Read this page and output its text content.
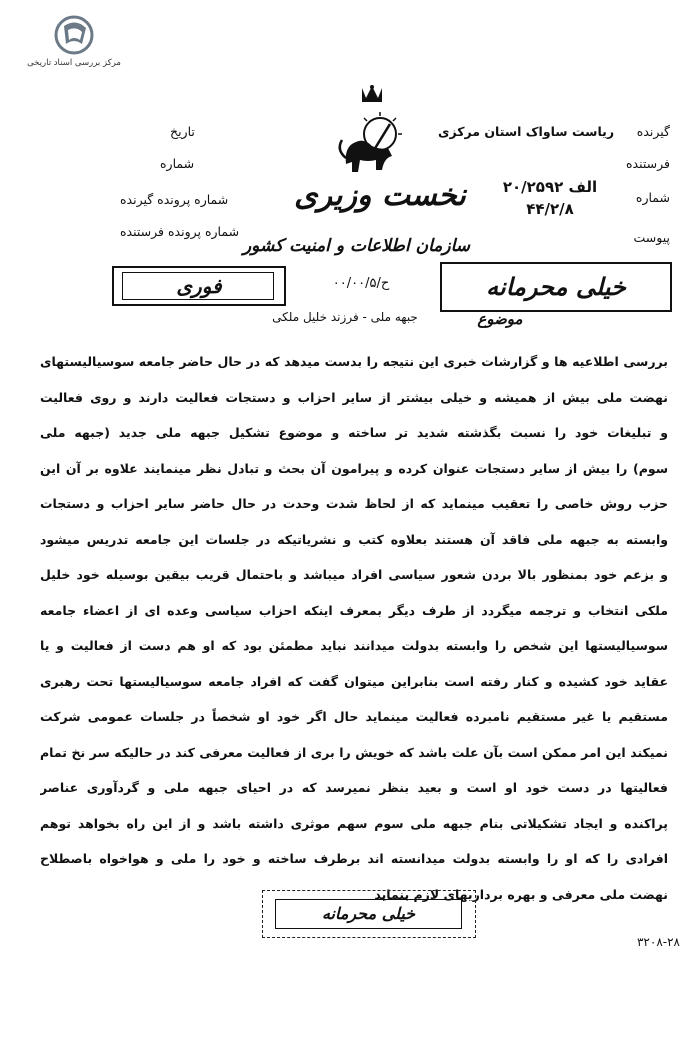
مرکز بررسی اسناد تاریخی
گیرنده  ریاست ساواک استان مرکزی
فرستنده
شماره
۲۰/۲۵۹۲ الف
۴۴/۲/۸
پیوست
تاریخ
شماره
شماره پرونده گیرنده
شماره پرونده فرستنده
نخست وزیری
سازمان اطلاعات و امنیت کشور
خیلی محرمانه
فوری	ح/۰۰/۰۰/۵
موضوع
جبهه ملی - فرزند خلیل ملکی
بررسی اطلاعیه ها و گزارشات خبری این نتیجه را بدست میدهد که در حال حاضر جامعه سوسیالیستهای
نهضت ملی بیش از همیشه و خیلی بیشتر از سایر احزاب و دستجات فعالیت دارند و روی فعالیت
و تبلیغات خود را نسبت بگذشته شدید تر ساخته و موضوع تشکیل جبهه ملی جدید (جبهه ملی
سوم) را بیش از سایر دستجات عنوان کرده و پیرامون آن بحث و تبادل نظر مینمایند علاوه بر آن این
حزب روش خاصی را تعقیب مینماید که از لحاظ شدت وحدت در حال حاضر سایر احزاب و دستجات
وابسته به جبهه ملی فاقد آن هستند بعلاوه کتب و نشریاتیکه در جلسات این جامعه تدریس میشود
و بزعم خود بمنظور بالا بردن شعور سیاسی افراد میباشد و باحتمال قریب بیقین بوسیله خود خلیل
ملکی انتخاب و ترجمه میگردد از طرف دیگر بمعرف اینکه احزاب سیاسی وعده ای از اعضاء جامعه
سوسیالیستها این شخص را وابسته بدولت میدانند نباید مطمئن بود که او هم دست از فعالیت و یا
عقاید خود کشیده و کنار رفته است بنابراین میتوان گفت که افراد جامعه سوسیالیستها تحت رهبری
مستقیم یا غیر مستقیم نامبرده فعالیت مینماید حال اگر خود او شخصاً در جلسات عمومی شرکت
نمیکند این امر ممکن است بآن علت باشد که خویش را بری از فعالیت معرفی کند در حالیکه سر نخ تمام
فعالیتها در دست خود او است و بعید بنظر نمیرسد که در احیای جبهه ملی و گردآوری عناصر
پراکنده و ایجاد تشکیلاتی بنام جبهه ملی سوم سهم موثری داشته باشد و از این راه بخواهد توهم
افرادی را که او را وابسته بدولت میدانسته اند برطرف ساخته و خود را ملی و هواخواه باصطلاح
نهضت ملی معرفی و بهره برداریهای لازم بنماید
خیلی محرمانه
۳۲۰۸-۲۸
